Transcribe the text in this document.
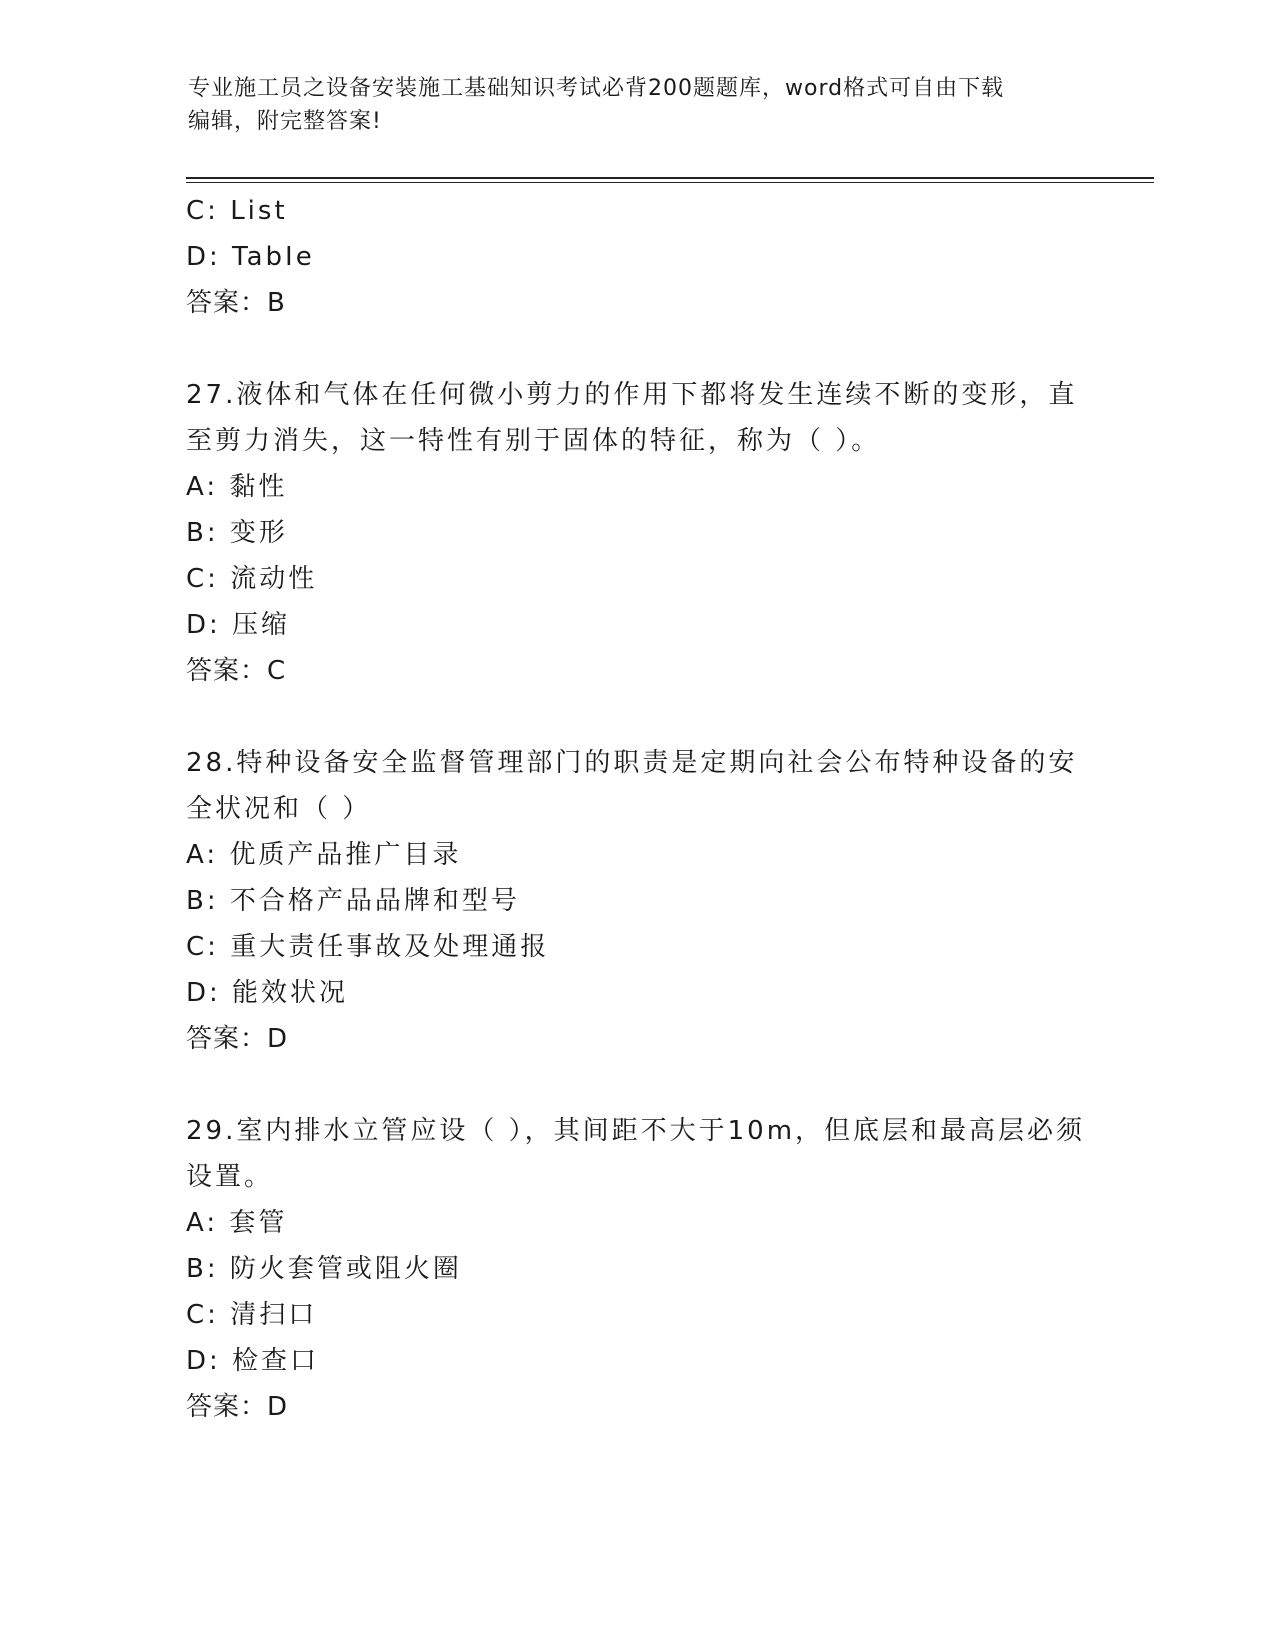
专业施工员之设备安装施工基础知识考试必背200题题库，word格式可自由下载
编辑，附完整答案!
C: List
D: TabIe
答案：B
27.液体和气体在任何微小剪力的作用下都将发生连续不断的变形，直
至剪力消失，这一特性有别于固体的特征，称为（ ）。
A: 黏性
B: 变形
C: 流动性
D: 压缩
答案：C
28.特种设备安全监督管理部门的职责是定期向社会公布特种设备的安
全状况和（ ）
A: 优质产品推广目录
B: 不合格产品品牌和型号
C: 重大责任事故及处理通报
D: 能效状况
答案：D
29.室内排水立管应设（ ），其间距不大于10m，但底层和最高层必须
设置。
A: 套管
B: 防火套管或阻火圈
C: 清扫口
D: 检查口
答案：D
